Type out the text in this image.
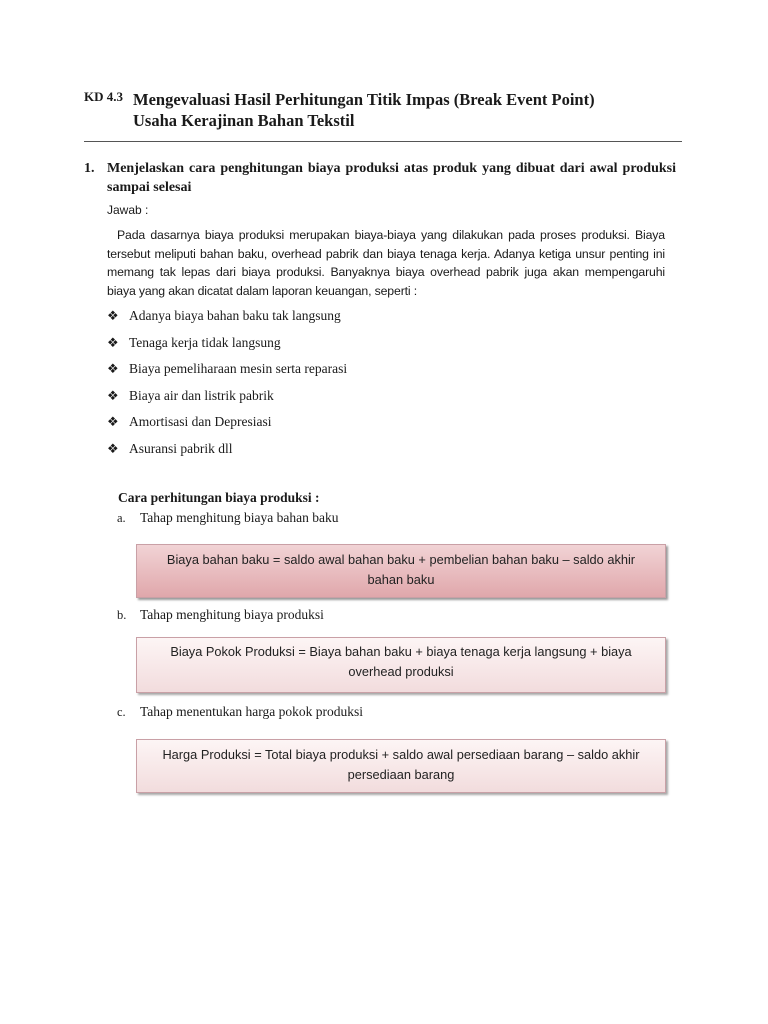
KD 4.3 Mengevaluasi Hasil Perhitungan Titik Impas (Break Event Point)
Usaha Kerajinan Bahan Tekstil
1. Menjelaskan cara penghitungan biaya produksi atas produk yang dibuat dari awal produksi sampai selesai
Jawab :
Pada dasarnya biaya produksi merupakan biaya-biaya yang dilakukan pada proses produksi. Biaya tersebut meliputi bahan baku, overhead pabrik dan biaya tenaga kerja. Adanya ketiga unsur penting ini memang tak lepas dari biaya produksi. Banyaknya biaya overhead pabrik juga akan mempengaruhi biaya yang akan dicatat dalam laporan keuangan, seperti :
❖ Adanya biaya bahan baku tak langsung
❖ Tenaga kerja tidak langsung
❖ Biaya pemeliharaan mesin serta reparasi
❖ Biaya air dan listrik pabrik
❖ Amortisasi dan Depresiasi
❖ Asuransi pabrik dll
Cara perhitungan biaya produksi :
a. Tahap menghitung biaya bahan baku
Biaya bahan baku = saldo awal bahan baku + pembelian bahan baku – saldo akhir
bahan baku
b. Tahap menghitung biaya produksi
Biaya Pokok Produksi = Biaya bahan baku + biaya tenaga kerja langsung + biaya
overhead produksi
c. Tahap menentukan harga pokok produksi
Harga Produksi = Total biaya produksi + saldo awal persediaan barang – saldo akhir
persediaan barang
